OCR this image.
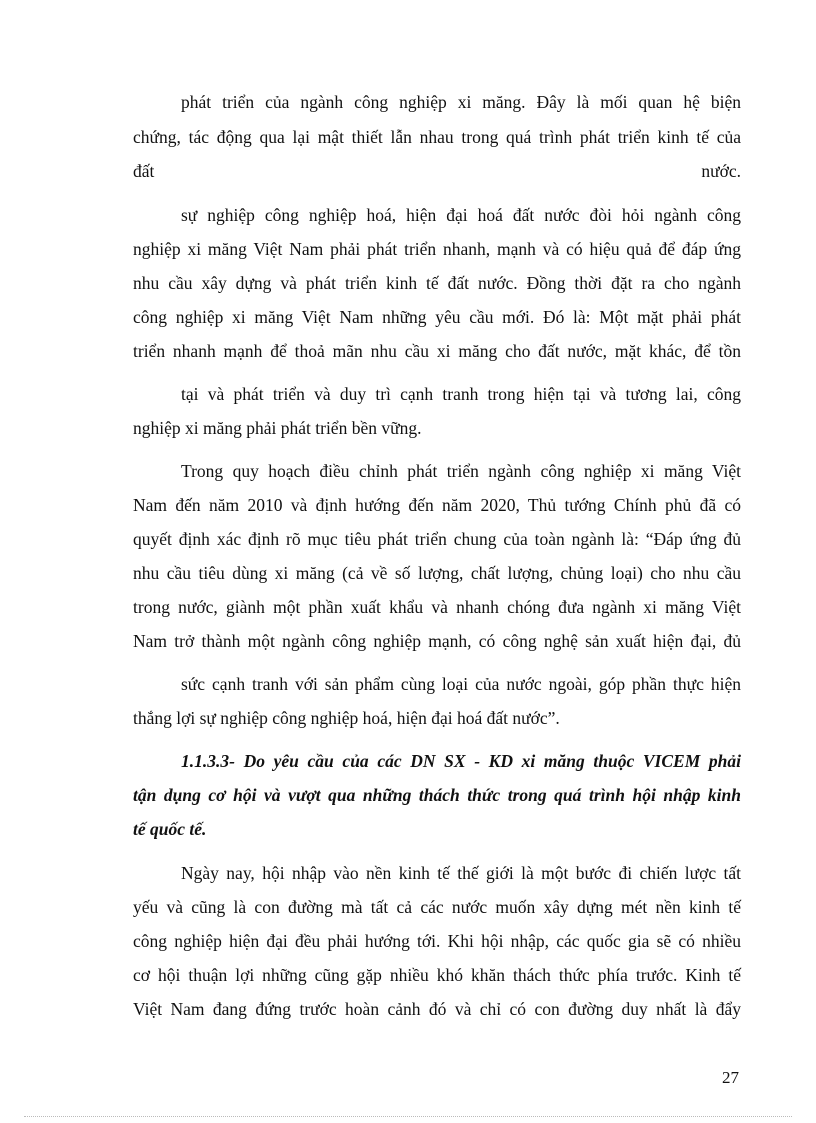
phát triển của ngành công nghiệp xi măng. Đây là mối quan hệ biện
chứng, tác động qua lại mật thiết lẫn nhau trong quá trình phát triển kinh tế của
đất nước.
sự nghiệp công nghiệp hoá, hiện đại hoá đất nước đòi hỏi ngành công
nghiệp xi măng Việt Nam phải phát triển nhanh, mạnh và có hiệu quả để đáp ứng
nhu cầu xây dựng và phát triển kinh tế đất nước. Đồng thời đặt ra cho ngành
công nghiệp xi măng Việt Nam những yêu cầu mới. Đó là: Một mặt phải phát
triển nhanh mạnh để thoả mãn nhu cầu xi măng cho đất nước, mặt khác, để tồn
tại và phát triển và duy trì cạnh tranh trong hiện tại và tương lai, công
nghiệp xi măng phải phát triển bền vững.
Trong quy hoạch điều chỉnh phát triển ngành công nghiệp xi măng Việt
Nam đến năm 2010 và định hướng đến năm 2020, Thủ tướng Chính phủ đã có
quyết định xác định rõ mục tiêu phát triển chung của toàn ngành là: “Đáp ứng đủ
nhu cầu tiêu dùng xi măng (cả về số lượng, chất lượng, chủng loại) cho nhu cầu
trong nước, giành một phần xuất khẩu và nhanh chóng đưa ngành xi măng Việt
Nam trở thành một ngành công nghiệp mạnh, có công nghệ sản xuất hiện đại, đủ
sức cạnh tranh với sản phẩm cùng loại của nước ngoài, góp phần thực hiện
thắng lợi sự nghiệp công nghiệp hoá, hiện đại hoá đất nước”.
1.1.3.3- Do yêu cầu của các DN SX - KD xi măng thuộc VICEM phải
tận dụng cơ hội và vượt qua những thách thức trong quá trình hội nhập kinh
tế quốc tế.
Ngày nay, hội nhập vào nền kinh tế thế giới là một bước đi chiến lược tất
yếu và cũng là con đường mà tất cả các nước muốn xây dựng mét nền kinh tế
công nghiệp hiện đại đều phải hướng tới. Khi hội nhập, các quốc gia sẽ có nhiều
cơ hội thuận lợi những cũng gặp nhiều khó khăn thách thức phía trước. Kinh tế
Việt Nam đang đứng trước hoàn cảnh đó và chỉ có con đường duy nhất là đẩy
27
